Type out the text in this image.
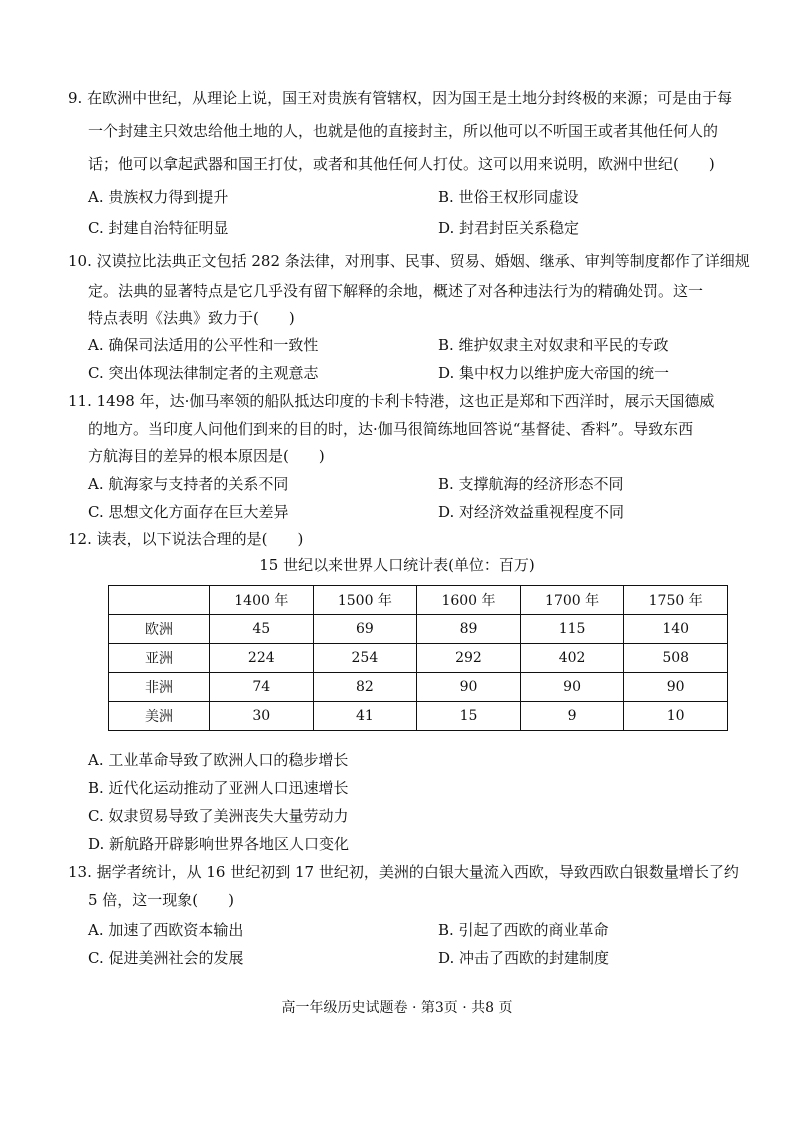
9. 在欧洲中世纪，从理论上说，国王对贵族有管辖权，因为国王是土地分封终极的来源；可是由于每
一个封建主只效忠给他土地的人，也就是他的直接封主，所以他可以不听国王或者其他任何人的
话；他可以拿起武器和国王打仗，或者和其他任何人打仗。这可以用来说明，欧洲中世纪(　　)
A. 贵族权力得到提升	B. 世俗王权形同虚设
C. 封建自治特征明显	D. 封君封臣关系稳定
10. 汉谟拉比法典正文包括 282 条法律，对刑事、民事、贸易、婚姻、继承、审判等制度都作了详细规
定。法典的显著特点是它几乎没有留下解释的余地，概述了对各种违法行为的精确处罚。这一
特点表明《法典》致力于(　　)
A. 确保司法适用的公平性和一致性	B. 维护奴隶主对奴隶和平民的专政
C. 突出体现法律制定者的主观意志	D. 集中权力以维护庞大帝国的统一
11. 1498 年，达·伽马率领的船队抵达印度的卡利卡特港，这也正是郑和下西洋时，展示天国德威
的地方。当印度人问他们到来的目的时，达·伽马很简练地回答说“基督徒、香料”。导致东西
方航海目的差异的根本原因是(　　)
A. 航海家与支持者的关系不同	B. 支撑航海的经济形态不同
C. 思想文化方面存在巨大差异	D. 对经济效益重视程度不同
12. 读表，以下说法合理的是(　　)
15 世纪以来世界人口统计表(单位：百万)
	1400 年	1500 年	1600 年	1700 年	1750 年
欧洲	45	69	89	115	140
亚洲	224	254	292	402	508
非洲	74	82	90	90	90
美洲	30	41	15	9	10
A. 工业革命导致了欧洲人口的稳步增长
B. 近代化运动推动了亚洲人口迅速增长
C. 奴隶贸易导致了美洲丧失大量劳动力
D. 新航路开辟影响世界各地区人口变化
13. 据学者统计，从 16 世纪初到 17 世纪初，美洲的白银大量流入西欧，导致西欧白银数量增长了约
5 倍，这一现象(　　)
A. 加速了西欧资本输出	B. 引起了西欧的商业革命
C. 促进美洲社会的发展	D. 冲击了西欧的封建制度
高一年级历史试题卷 · 第3页 · 共8 页
